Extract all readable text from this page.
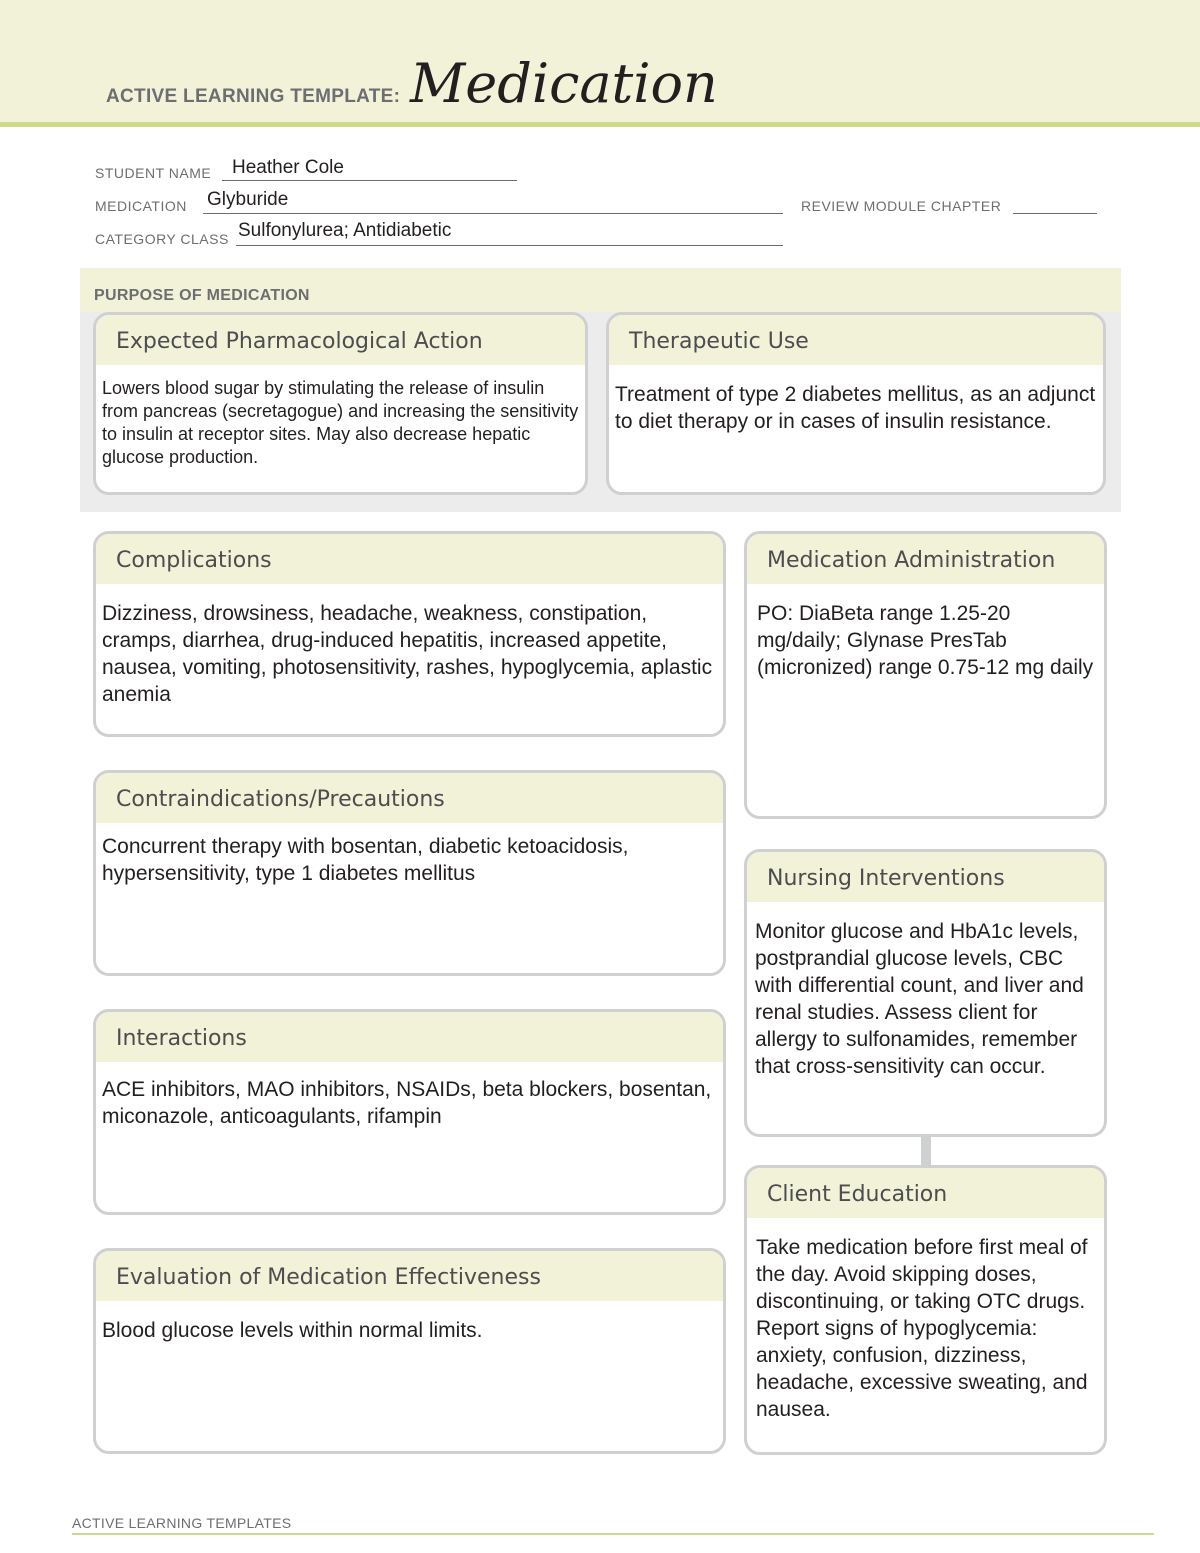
ACTIVE LEARNING TEMPLATE: Medication
STUDENT NAME Heather Cole
MEDICATION Glyburide	REVIEW MODULE CHAPTER
CATEGORY CLASS Sulfonylurea; Antidiabetic
PURPOSE OF MEDICATION
Expected Pharmacological Action
Lowers blood sugar by stimulating the release of insulin from pancreas (secretagogue) and increasing the sensitivity to insulin at receptor sites. May also decrease hepatic glucose production.
Therapeutic Use
Treatment of type 2 diabetes mellitus, as an adjunct to diet therapy or in cases of insulin resistance.
Complications
Dizziness, drowsiness, headache, weakness, constipation, cramps, diarrhea, drug-induced hepatitis, increased appetite, nausea, vomiting, photosensitivity, rashes, hypoglycemia, aplastic anemia
Contraindications/Precautions
Concurrent therapy with bosentan, diabetic ketoacidosis, hypersensitivity, type 1 diabetes mellitus
Interactions
ACE inhibitors, MAO inhibitors, NSAIDs, beta blockers, bosentan, miconazole, anticoagulants, rifampin
Evaluation of Medication Effectiveness
Blood glucose levels within normal limits.
Medication Administration
PO: DiaBeta range 1.25-20 mg/daily; Glynase PresTab (micronized) range 0.75-12 mg daily
Nursing Interventions
Monitor glucose and HbA1c levels, postprandial glucose levels, CBC with differential count, and liver and renal studies. Assess client for allergy to sulfonamides, remember that cross-sensitivity can occur.
Client Education
Take medication before first meal of the day. Avoid skipping doses, discontinuing, or taking OTC drugs. Report signs of hypoglycemia: anxiety, confusion, dizziness, headache, excessive sweating, and nausea.
ACTIVE LEARNING TEMPLATES
